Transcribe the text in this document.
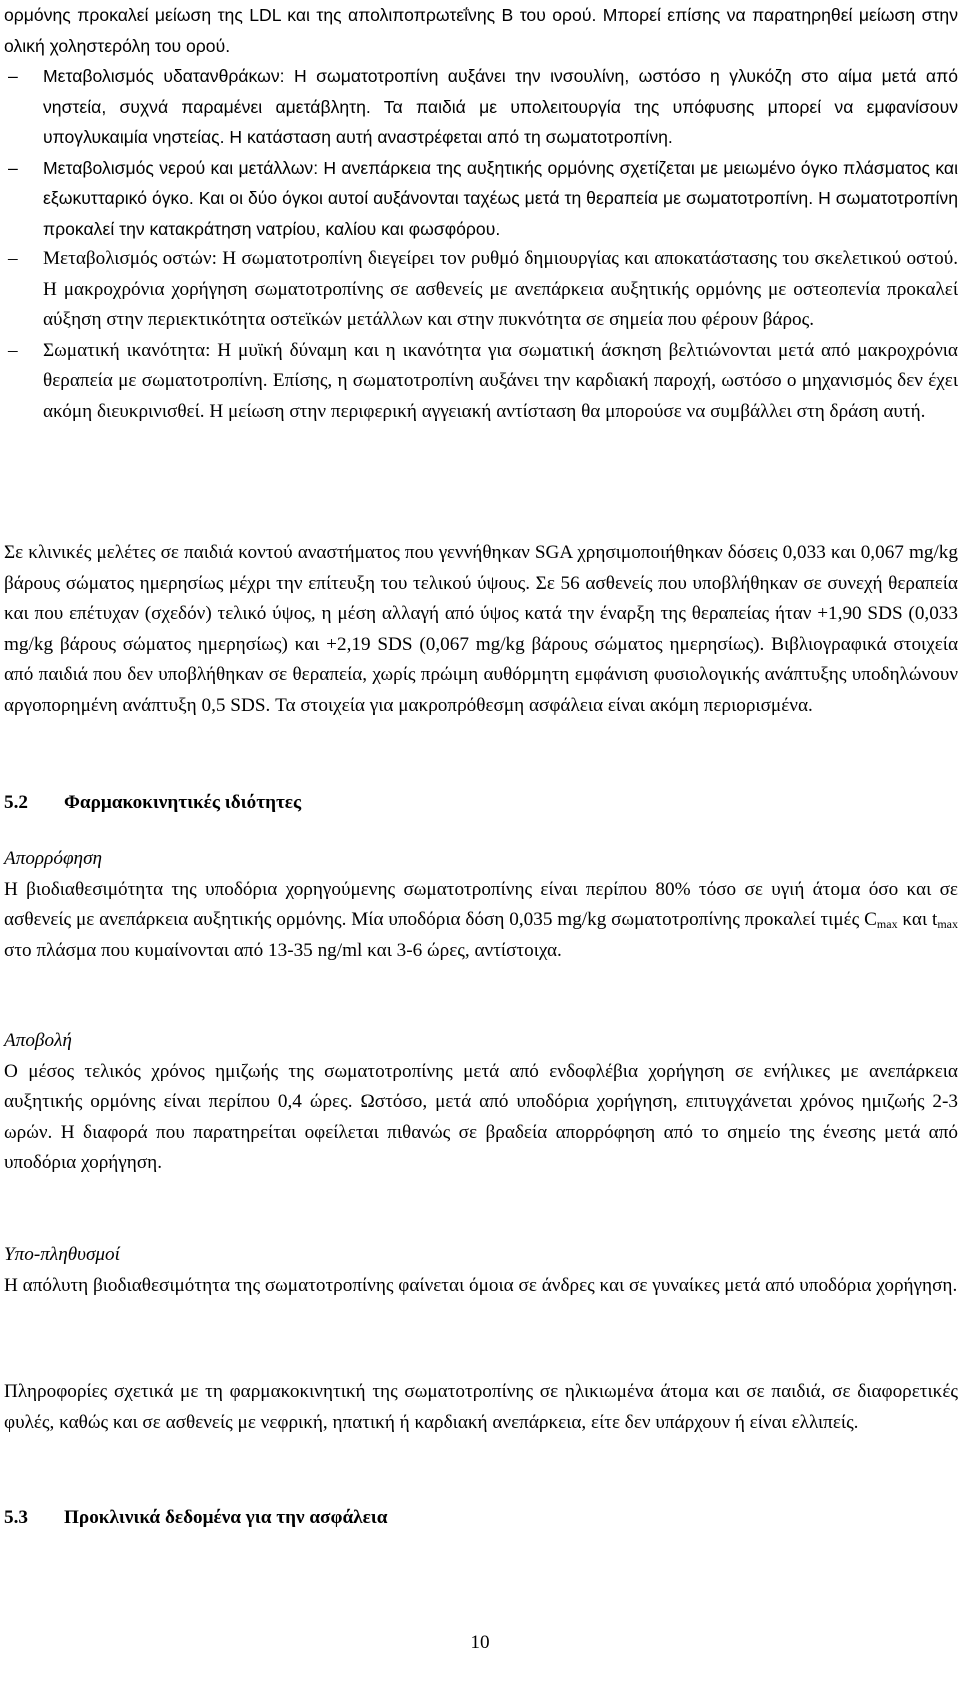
ορμόνης προκαλεί μείωση της LDL και της απολιποπρωτεΐνης Β του ορού. Μπορεί επίσης να παρατηρηθεί μείωση στην ολική χοληστερόλη του ορού.

– Μεταβολισμός υδατανθράκων: Η σωματοτροπίνη αυξάνει την ινσουλίνη, ωστόσο η γλυκόζη στο αίμα μετά από νηστεία, συχνά παραμένει αμετάβλητη. Τα παιδιά με υπολειτουργία της υπόφυσης μπορεί να εμφανίσουν υπογλυκαιμία νηστείας. Η κατάσταση αυτή αναστρέφεται από τη σωματοτροπίνη.
– Μεταβολισμός νερού και μετάλλων: Η ανεπάρκεια της αυξητικής ορμόνης σχετίζεται με μειωμένο όγκο πλάσματος και εξωκυτταρικό όγκο. Και οι δύο όγκοι αυτοί αυξάνονται ταχέως μετά τη θεραπεία με σωματοτροπίνη. Η σωματοτροπίνη προκαλεί την κατακράτηση νατρίου, καλίου και φωσφόρου.
– Μεταβολισμός οστών: Η σωματοτροπίνη διεγείρει τον ρυθμό δημιουργίας και αποκατάστασης του σκελετικού οστού. Η μακροχρόνια χορήγηση σωματοτροπίνης σε ασθενείς με ανεπάρκεια αυξητικής ορμόνης με οστεοπενία προκαλεί αύξηση στην περιεκτικότητα οστεϊκών μετάλλων και στην πυκνότητα σε σημεία που φέρουν βάρος.
– Σωματική ικανότητα: Η μυϊκή δύναμη και η ικανότητα για σωματική άσκηση βελτιώνονται μετά από μακροχρόνια θεραπεία με σωματοτροπίνη. Επίσης, η σωματοτροπίνη αυξάνει την καρδιακή παροχή, ωστόσο ο μηχανισμός δεν έχει ακόμη διευκρινισθεί. Η μείωση στην περιφερική αγγειακή αντίσταση θα μπορούσε να συμβάλλει στη δράση αυτή.

Σε κλινικές μελέτες σε παιδιά κοντού αναστήματος που γεννήθηκαν SGA χρησιμοποιήθηκαν δόσεις 0,033 και 0,067 mg/kg βάρους σώματος ημερησίως μέχρι την επίτευξη του τελικού ύψους. Σε 56 ασθενείς που υποβλήθηκαν σε συνεχή θεραπεία και που επέτυχαν (σχεδόν) τελικό ύψος, η μέση αλλαγή από ύψος κατά την έναρξη της θεραπείας ήταν +1,90 SDS (0,033 mg/kg βάρους σώματος ημερησίως) και +2,19 SDS (0,067 mg/kg βάρους σώματος ημερησίως). Βιβλιογραφικά στοιχεία από παιδιά που δεν υποβλήθηκαν σε θεραπεία, χωρίς πρώιμη αυθόρμητη εμφάνιση φυσιολογικής ανάπτυξης υποδηλώνουν αργοπορημένη ανάπτυξη 0,5 SDS. Τα στοιχεία για μακροπρόθεσμη ασφάλεια είναι ακόμη περιορισμένα.

5.2 Φαρμακοκινητικές ιδιότητες

Απορρόφηση

Η βιοδιαθεσιμότητα της υποδόρια χορηγούμενης σωματοτροπίνης είναι περίπου 80% τόσο σε υγιή άτομα όσο και σε ασθενείς με ανεπάρκεια αυξητικής ορμόνης. Μία υποδόρια δόση 0,035 mg/kg σωματοτροπίνης προκαλεί τιμές $C_{max}$ και $t_{max}$ στο πλάσμα που κυμαίνονται από 13-35 ng/ml και 3-6 ώρες, αντίστοιχα.

Αποβολή

Ο μέσος τελικός χρόνος ημιζωής της σωματοτροπίνης μετά από ενδοφλέβια χορήγηση σε ενήλικες με ανεπάρκεια αυξητικής ορμόνης είναι περίπου 0,4 ώρες. Ωστόσο, μετά από υποδόρια χορήγηση, επιτυγχάνεται χρόνος ημιζωής 2-3 ωρών. Η διαφορά που παρατηρείται οφείλεται πιθανώς σε βραδεία απορρόφηση από το σημείο της ένεσης μετά από υποδόρια χορήγηση.

Υπο-πληθυσμοί

Η απόλυτη βιοδιαθεσιμότητα της σωματοτροπίνης φαίνεται όμοια σε άνδρες και σε γυναίκες μετά από υποδόρια χορήγηση.

Πληροφορίες σχετικά με τη φαρμακοκινητική της σωματοτροπίνης σε ηλικιωμένα άτομα και σε παιδιά, σε διαφορετικές φυλές, καθώς και σε ασθενείς με νεφρική, ηπατική ή καρδιακή ανεπάρκεια, είτε δεν υπάρχουν ή είναι ελλιπείς.

5.3 Προκλινικά δεδομένα για την ασφάλεια
10
